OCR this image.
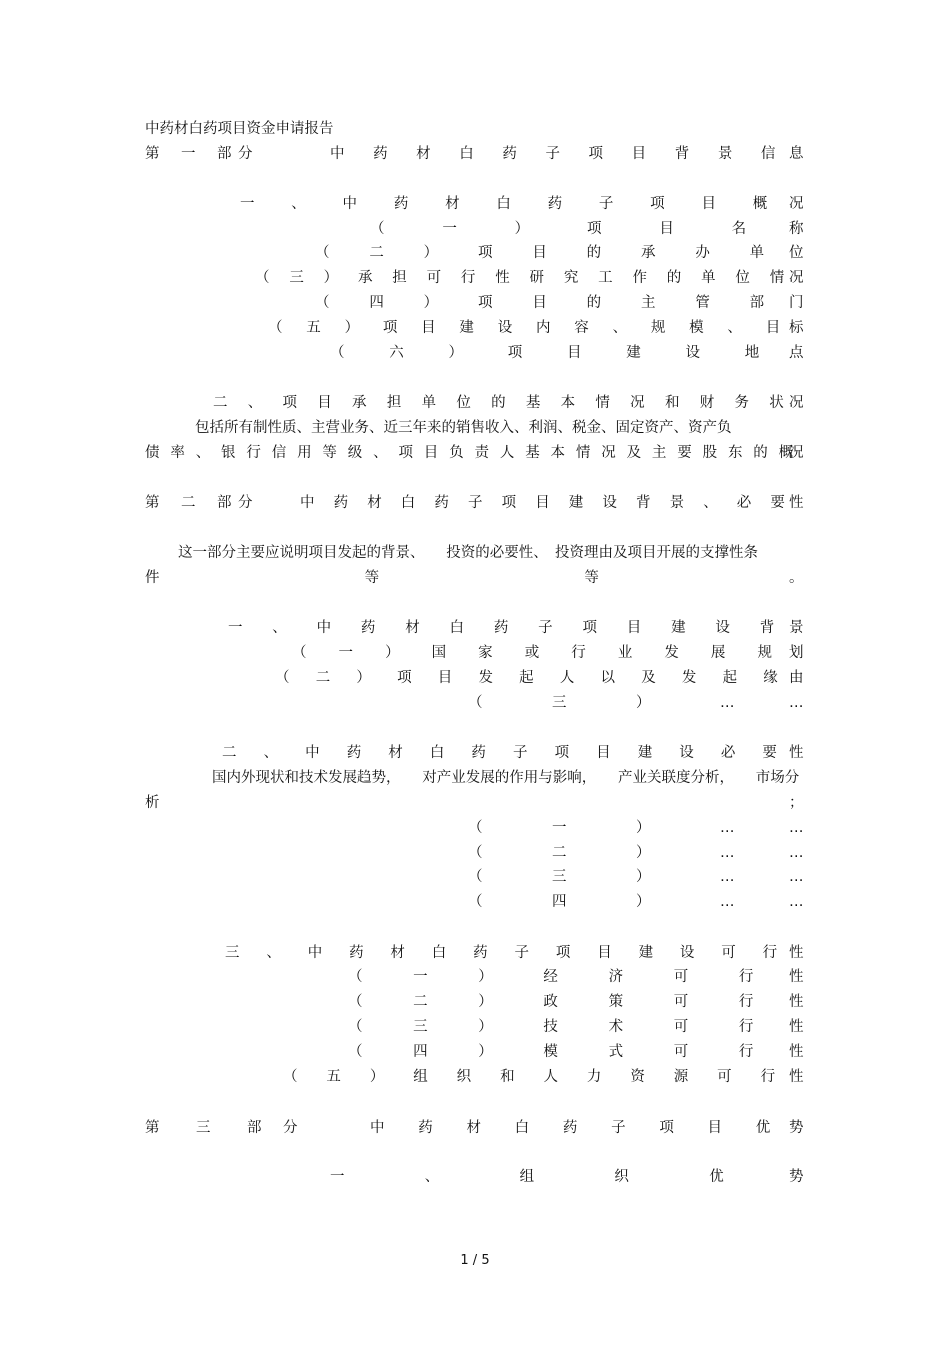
中药材白药项目资金申请报告
第 一 部 分	中 药 材 白 药 子 项 目 背 景 信 息
一	、	中	药	材	白	药	子	项	目	概 况
（	一	）	项	目	名	称
（	二	）	项	目	的	承	办	单 位
（ 三 ） 承 担 可 行 性 研 究 工 作 的 单 位 情 况
（	四	）	项	目	的	主	管	部 门
（ 五 ） 项 目 建 设 内 容 、 规 模 、 目 标
（	六	）	项	目	建	设	地 点
二 、 项 目 承 担 单 位 的 基 本 情 况 和 财 务 状 况
包括所有制性质、主营业务、近三年来的销售收入、利润、税金、固定资产、资产负
债 率 、 银 行 信 用 等 级 、 项 目 负 责 人 基 本 情 况 及 主 要 股 东 的 概
况
第 二 部 分	中 药 材 白 药 子 项 目 建 设 背 景 、 必 要 性
这一部分主要应说明项目发起的背景、　　投资的必要性、　投资理由及项目开展的支撑性条
件	等	等	。
一 、 中 药 材 白 药 子 项 目 建 设 背 景
（ 一 ） 国 家 或 行 业 发 展 规 划
（ 二 ） 项 目 发 起 人 以 及 发 起 缘 由
（	三	）	…	…
二 、 中 药 材 白 药 子 项 目 建 设 必 要 性
国内外现状和技术发展趋势，　　对产业发展的作用与影响，　　产业关联度分析，　　市场分
析	；
（	一	）	…	…
（	二	）	…	…
（	三	）	…	…
（	四	）	…	…
三 、 中 药 材 白 药 子 项 目 建 设 可 行 性
（	一	）	经	济	可	行 性
（	二	）	政	策	可	行 性
（	三	）	技	术	可	行 性
（	四	）	模	式	可	行 性
（ 五 ） 组 织 和 人 力 资 源 可 行 性
第	三	部 分	中 药 材 白 药 子 项 目 优 势
一	、	组	织	优	势
1 / 5
